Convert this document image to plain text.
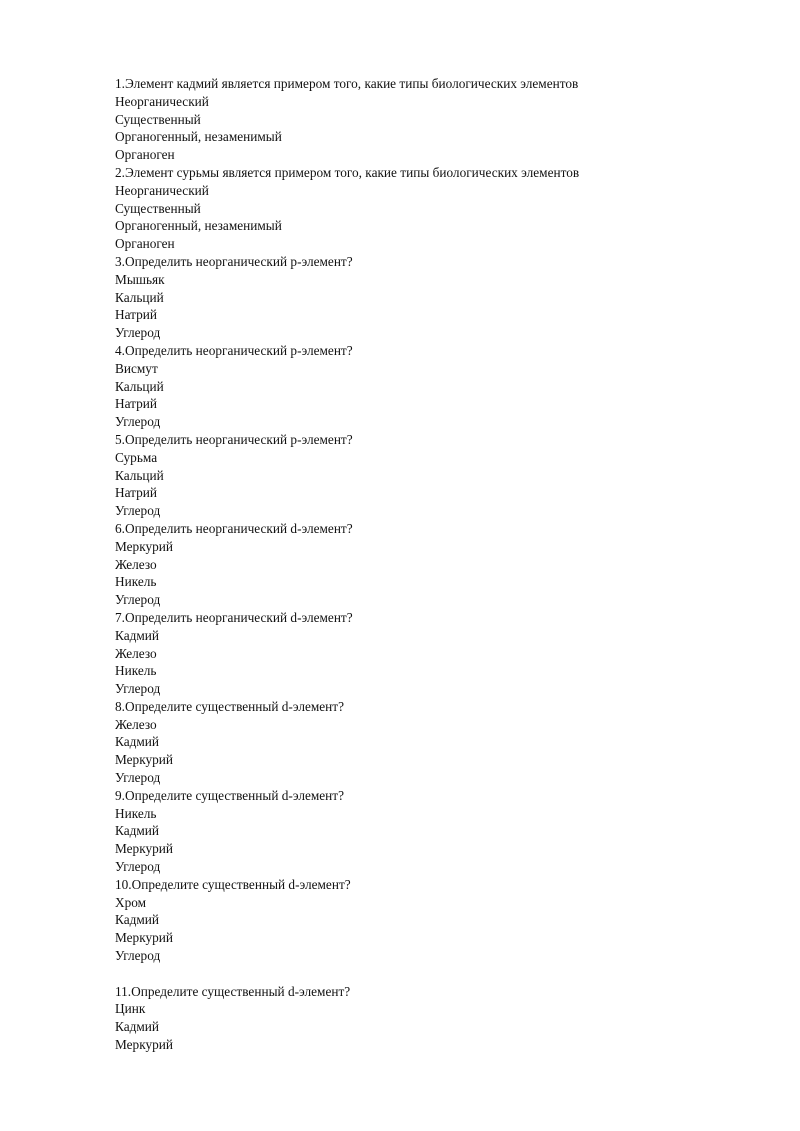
1.Элемент кадмий является примером того, какие типы биологических элементов
Неорганический
Существенный
Органогенный, незаменимый
Органоген
2.Элемент сурьмы является примером того, какие типы биологических элементов
Неорганический
Существенный
Органогенный, незаменимый
Органоген
3.Определить неорганический p-элемент?
Мышьяк
Кальций
Натрий
Углерод
4.Определить неорганический p-элемент?
Висмут
Кальций
Натрий
Углерод
5.Определить неорганический p-элемент?
Сурьма
Кальций
Натрий
Углерод
6.Определить неорганический d-элемент?
Меркурий
Железо
Никель
Углерод
7.Определить неорганический d-элемент?
Кадмий
Железо
Никель
Углерод
8.Определите существенный d-элемент?
Железо
Кадмий
Меркурий
Углерод
9.Определите существенный d-элемент?
Никель
Кадмий
Меркурий
Углерод
10.Определите существенный d-элемент?
Хром
Кадмий
Меркурий
Углерод
11.Определите существенный d-элемент?
Цинк
Кадмий
Меркурий
